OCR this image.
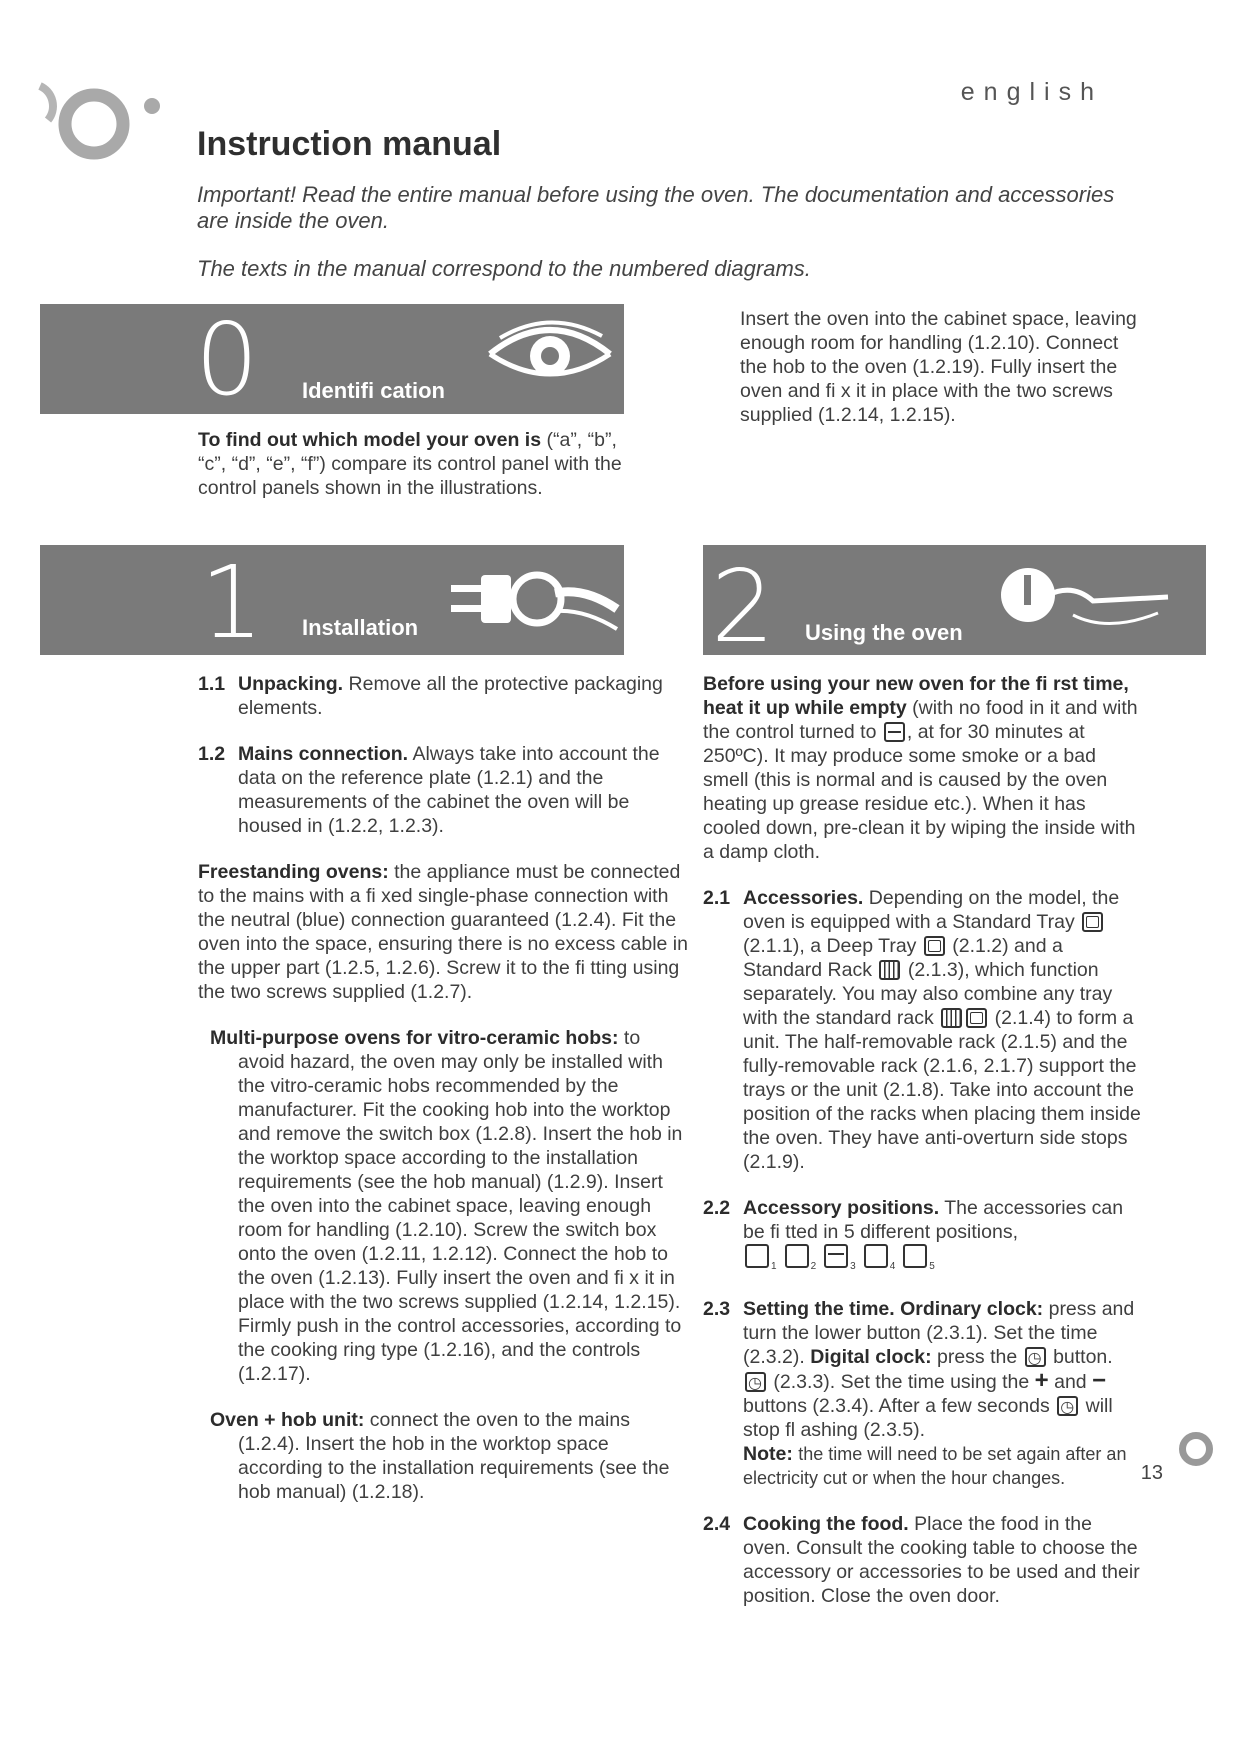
english
Instruction manual

Important! Read the entire manual before using the oven. The documentation and accessories are inside the oven.

The texts in the manual correspond to the numbered diagrams.

0 Identifi cation

To find out which model your oven is (“a”, “b”, “c”, “d”, “e”, “f”) compare its control panel with the control panels shown in the illustrations.

Insert the oven into the cabinet space, leaving enough room for handling (1.2.10). Connect the hob to the oven (1.2.19). Fully insert the oven and fi x it in place with the two screws supplied (1.2.14, 1.2.15).

1 Installation	2 Using the oven
1.1 Unpacking. Remove all the protective packaging elements.
1.2 Mains connection. Always take into account the data on the reference plate (1.2.1) and the measurements of the cabinet the oven will be housed in (1.2.2, 1.2.3).
Freestanding ovens: the appliance must be connected to the mains with a fi xed single-phase connection with the neutral (blue) connection guaranteed (1.2.4). Fit the oven into the space, ensuring there is no excess cable in the upper part (1.2.5, 1.2.6). Screw it to the fi tting using the two screws supplied (1.2.7).
Multi-purpose ovens for vitro-ceramic hobs: to avoid hazard, the oven may only be installed with the vitro-ceramic hobs recommended by the manufacturer. Fit the cooking hob into the worktop and remove the switch box (1.2.8). Insert the hob in the worktop space according to the installation requirements (see the hob manual) (1.2.9). Insert the oven into the cabinet space, leaving enough room for handling (1.2.10). Screw the switch box onto the oven (1.2.11, 1.2.12). Connect the hob to the oven (1.2.13). Fully insert the oven and fi x it in place with the two screws supplied (1.2.14, 1.2.15). Firmly push in the control accessories, according to the cooking ring type (1.2.16), and the controls (1.2.17).
Oven + hob unit: connect the oven to the mains (1.2.4). Insert the hob in the worktop space according to the installation requirements (see the hob manual) (1.2.18).

Before using your new oven for the fi rst time, heat it up while empty (with no food in it and with the control turned to , at for 30 minutes at 250ºC). It may produce some smoke or a bad smell (this is normal and is caused by the oven heating up grease residue etc.). When it has cooled down, pre-clean it by wiping the inside with a damp cloth.

2.1 Accessories. Depending on the model, the oven is equipped with a Standard Tray  (2.1.1), a Deep Tray (2.1.2) and a Standard Rack (2.1.3), which function separately. You may also combine any tray with the standard rack	(2.1.4) to form a unit. The half-removable rack (2.1.5) and the fully-removable rack (2.1.6, 2.1.7) support the trays or the unit (2.1.8). Take into account the position of the racks when placing them inside the oven. They have anti-overturn side stops (2.1.9).
2.2 Accessory positions. The accessories can be fi tted in 5 different positions,
$_1$	$_2$	$_3$	$_4$	$_5$
2.3 Setting the time. Ordinary clock: press and turn the lower button (2.3.1). Set the time (2.3.2). Digital clock: press the ◷ button. ◷ (2.3.3). Set the time using the + and − buttons (2.3.4). After a few seconds ◷ will stop fl ashing (2.3.5).
Note: the time will need to be set again after an electricity cut or when the hour changes.
2.4 Cooking the food. Place the food in the oven. Consult the cooking table to choose the accessory or accessories to be used and their position. Close the oven door.
13
